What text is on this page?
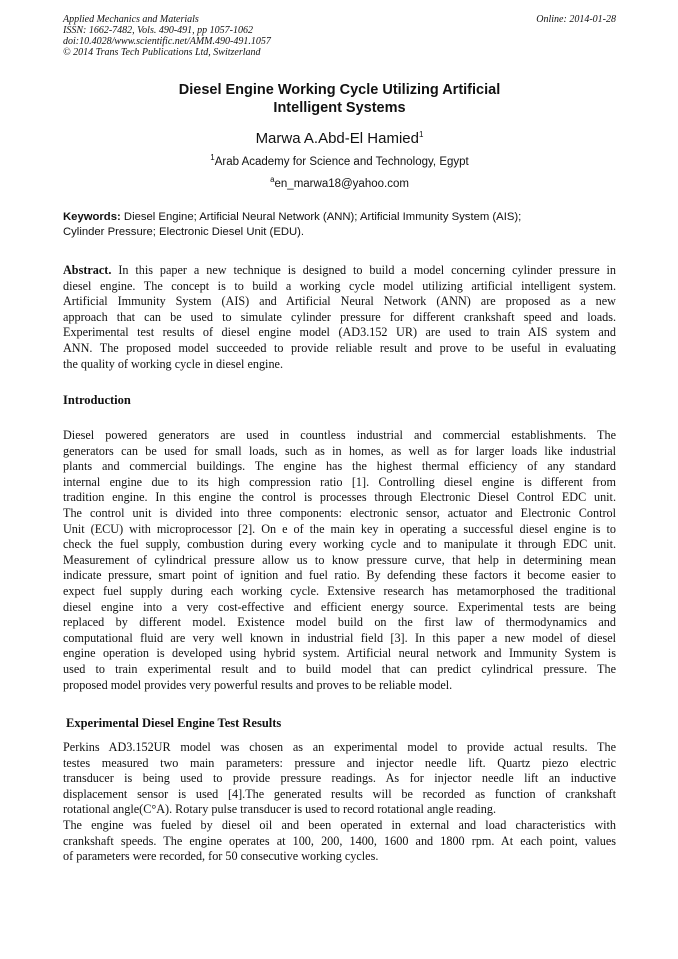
Applied Mechanics and Materials
ISSN: 1662-7482, Vols. 490-491, pp 1057-1062
doi:10.4028/www.scientific.net/AMM.490-491.1057
© 2014 Trans Tech Publications Ltd, Switzerland
Online: 2014-01-28
Diesel Engine Working Cycle Utilizing Artificial
Intelligent Systems
Marwa A.Abd-El Hamied$^1$
$^1$Arab Academy for Science and Technology, Egypt
$^a$en_marwa18@yahoo.com
Keywords: Diesel Engine; Artificial Neural Network (ANN); Artificial Immunity System (AIS);
Cylinder Pressure; Electronic Diesel Unit (EDU).
Abstract. In this paper a new technique is designed to build a model concerning cylinder pressure in
diesel engine. The concept is to build a working cycle model utilizing artificial intelligent system.
Artificial Immunity System (AIS) and Artificial Neural Network (ANN) are proposed as a new
approach that can be used to simulate cylinder pressure for different crankshaft speed and loads.
Experimental test results of diesel engine model (AD3.152 UR) are used to train AIS system and
ANN. The proposed model succeeded to provide reliable result and prove to be useful in evaluating
the quality of working cycle in diesel engine.
Introduction
Diesel powered generators are used in countless industrial and commercial establishments. The
generators can be used for small loads, such as in homes, as well as for larger loads like industrial
plants and commercial buildings. The engine has the highest thermal efficiency of any standard
internal engine due to its high compression ratio [1]. Controlling diesel engine is different from
tradition engine. In this engine the control is processes through Electronic Diesel Control EDC unit.
The control unit is divided into three components: electronic sensor, actuator and Electronic Control
Unit (ECU) with microprocessor [2]. On e of the main key in operating a successful diesel engine is to
check the fuel supply, combustion during every working cycle and to manipulate it through EDC unit.
Measurement of cylindrical pressure allow us to know pressure curve, that help in determining mean
indicate pressure, smart point of ignition and fuel ratio. By defending these factors it become easier to
expect fuel supply during each working cycle. Extensive research has metamorphosed the traditional
diesel engine into a very cost-effective and efficient energy source. Experimental tests are being
replaced by different model. Existence model build on the first law of thermodynamics and
computational fluid are very well known in industrial field [3]. In this paper a new model of diesel
engine operation is developed using hybrid system. Artificial neural network and Immunity System is
used to train experimental result and to build model that can predict cylindrical pressure. The
proposed model provides very powerful results and proves to be reliable model.
Experimental Diesel Engine Test Results
Perkins AD3.152UR model was chosen as an experimental model to provide actual results. The
testes measured two main parameters: pressure and injector needle lift. Quartz piezo electric
transducer is being used to provide pressure readings. As for injector needle lift an inductive
displacement sensor is used [4].The generated results will be recorded as function of crankshaft
rotational angle(C°A). Rotary pulse transducer is used to record rotational angle reading.
The engine was fueled by diesel oil and been operated in external and load characteristics with
crankshaft speeds. The engine operates at 100, 200, 1400, 1600 and 1800 rpm. At each point, values
of parameters were recorded, for 50 consecutive working cycles.
